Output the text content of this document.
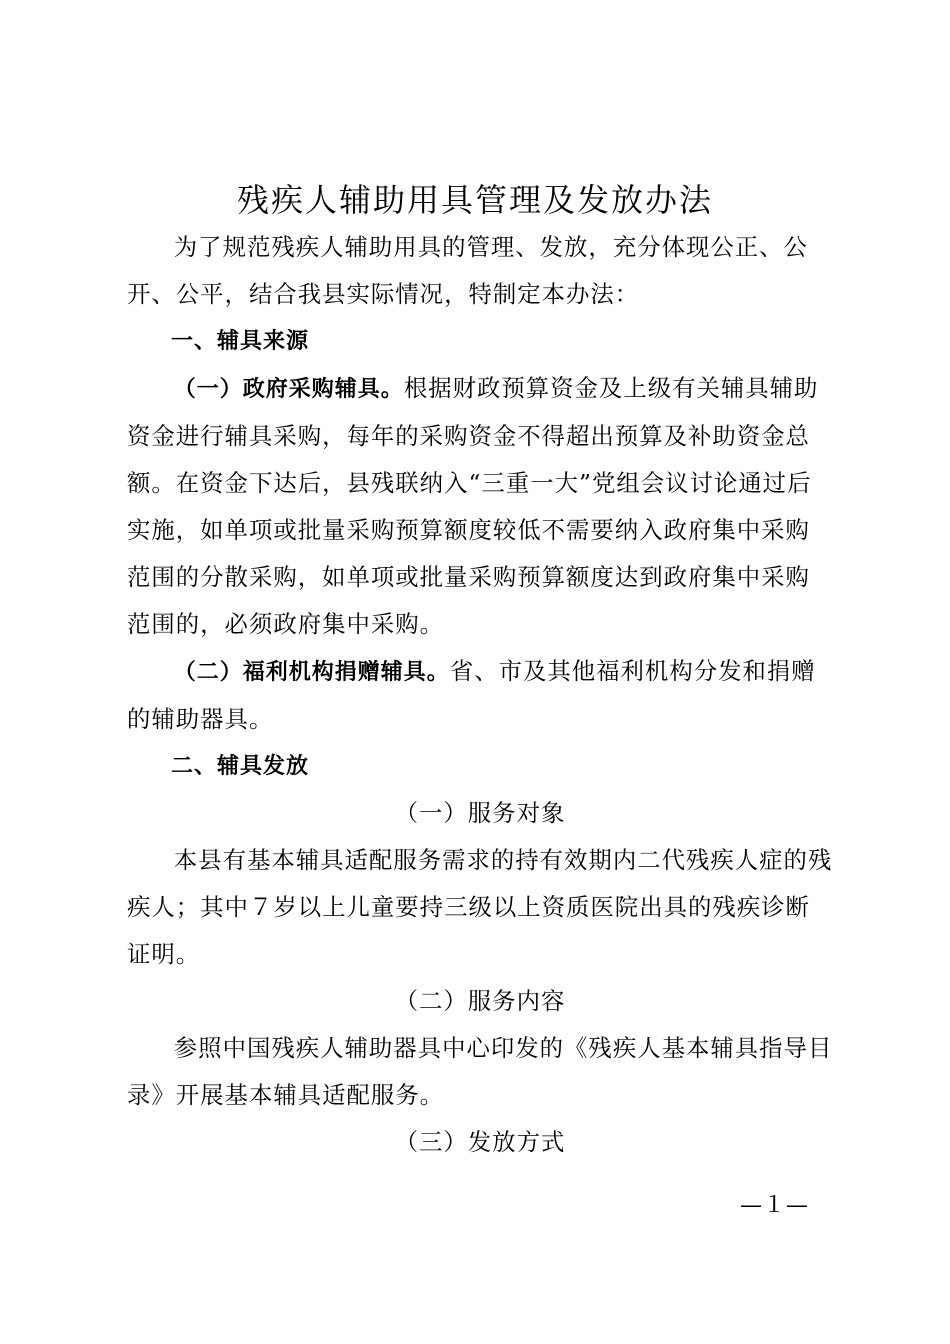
残疾人辅助用具管理及发放办法

为了规范残疾人辅助用具的管理、发放，充分体现公正、公开、公平，结合我县实际情况，特制定本办法：

一、辅具来源

（一）政府采购辅具。根据财政预算资金及上级有关辅具辅助资金进行辅具采购，每年的采购资金不得超出预算及补助资金总额。在资金下达后，县残联纳入“三重一大”党组会议讨论通过后实施，如单项或批量采购预算额度较低不需要纳入政府集中采购范围的分散采购，如单项或批量采购预算额度达到政府集中采购范围的，必须政府集中采购。

（二）福利机构捐赠辅具。省、市及其他福利机构分发和捐赠的辅助器具。

二、辅具发放

（一）服务对象

本县有基本辅具适配服务需求的持有效期内二代残疾人症的残疾人；其中７岁以上儿童要持三级以上资质医院出具的残疾诊断证明。

（二）服务内容

参照中国残疾人辅助器具中心印发的《残疾人基本辅具指导目录》开展基本辅具适配服务。

（三）发放方式

—１—
